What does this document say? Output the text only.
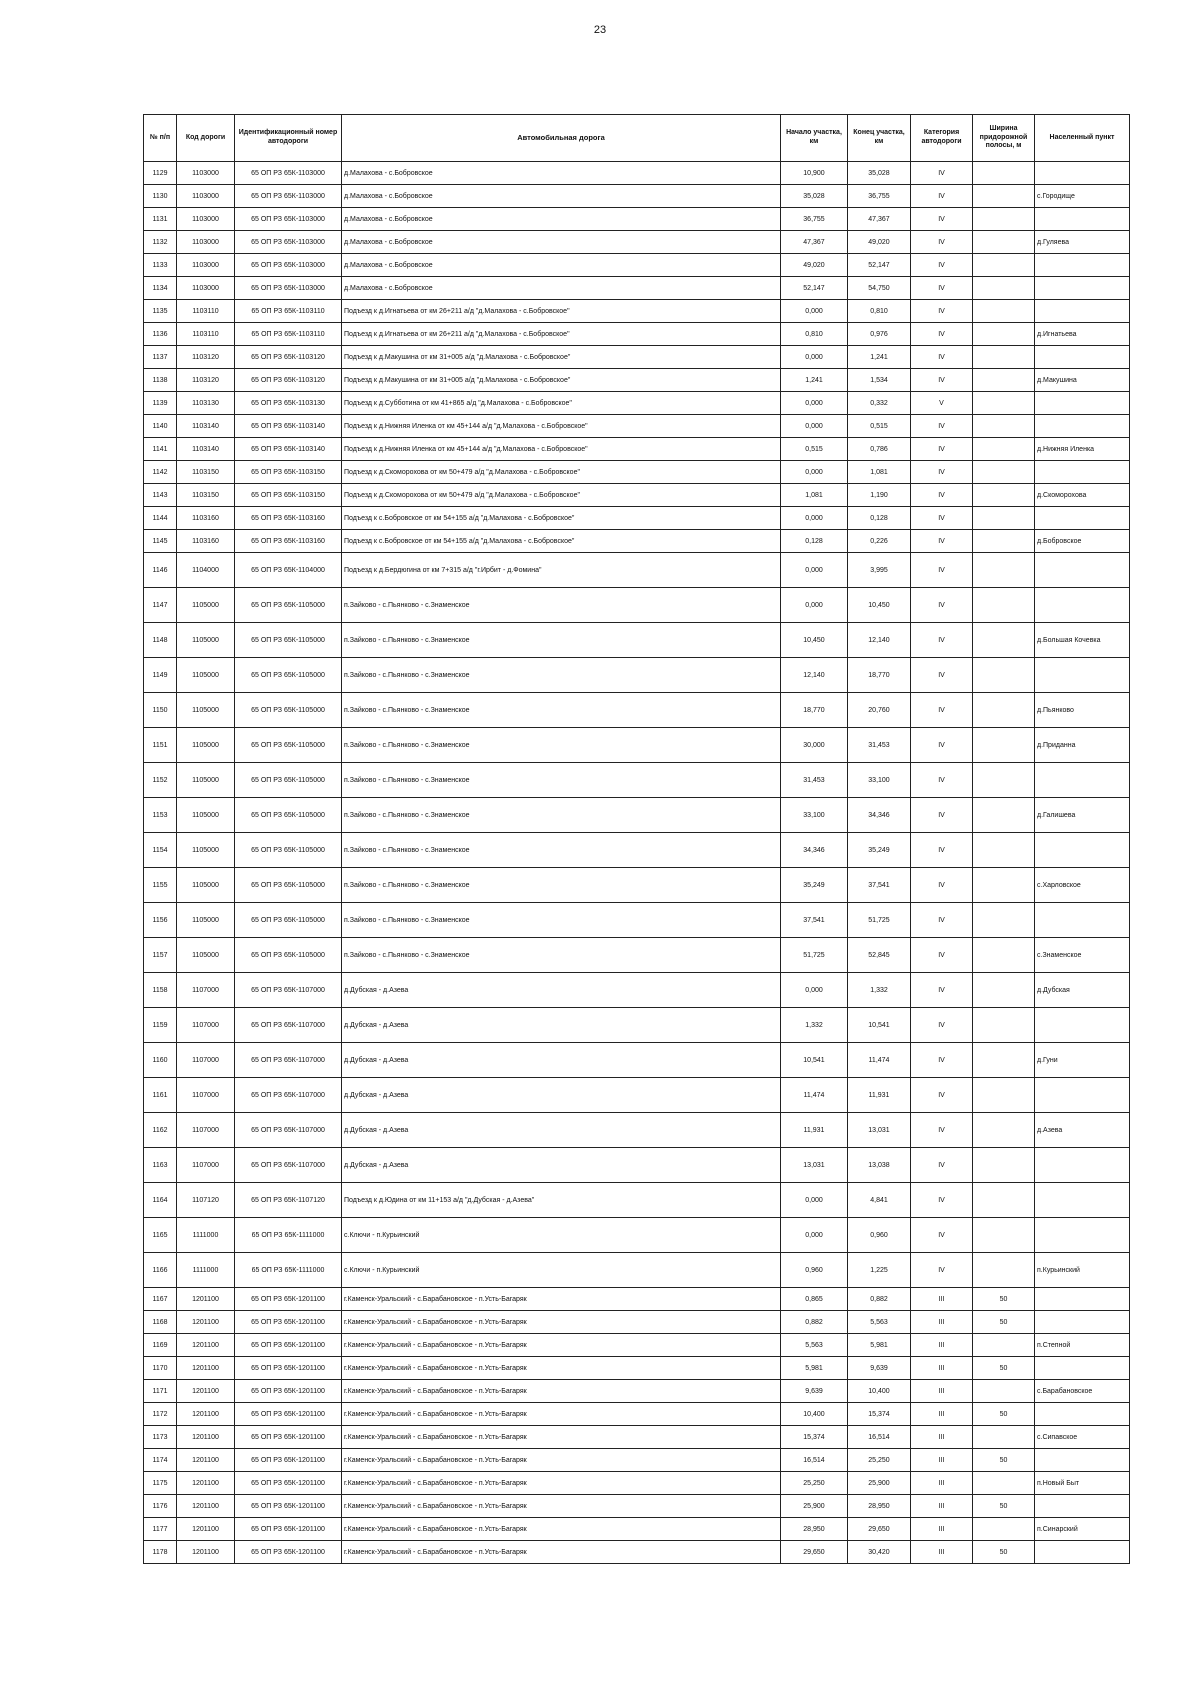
23
№ п/п	Код дороги	Идентификационный номер автодороги	Автомобильная дорога	Начало участка, км	Конец участка, км	Категория автодороги	Ширина придорожной полосы, м	Населенный пункт
1129	1103000	65 ОП РЗ 65К-1103000	д.Малахова - с.Бобровское	10,900	35,028	IV		
1130	1103000	65 ОП РЗ 65К-1103000	д.Малахова - с.Бобровское	35,028	36,755	IV		с.Городище
1131	1103000	65 ОП РЗ 65К-1103000	д.Малахова - с.Бобровское	36,755	47,367	IV		
1132	1103000	65 ОП РЗ 65К-1103000	д.Малахова - с.Бобровское	47,367	49,020	IV		д.Гуляева
1133	1103000	65 ОП РЗ 65К-1103000	д.Малахова - с.Бобровское	49,020	52,147	IV		
1134	1103000	65 ОП РЗ 65К-1103000	д.Малахова - с.Бобровское	52,147	54,750	IV		
1135	1103110	65 ОП РЗ 65К-1103110	Подъезд к д.Игнатьева от км 26+211 а/д "д.Малахова - с.Бобровское"	0,000	0,810	IV		
1136	1103110	65 ОП РЗ 65К-1103110	Подъезд к д.Игнатьева от км 26+211 а/д "д.Малахова - с.Бобровское"	0,810	0,976	IV		д.Игнатьева
1137	1103120	65 ОП РЗ 65К-1103120	Подъезд к д.Макушина от км 31+005 а/д "д.Малахова - с.Бобровское"	0,000	1,241	IV		
1138	1103120	65 ОП РЗ 65К-1103120	Подъезд к д.Макушина от км 31+005 а/д "д.Малахова - с.Бобровское"	1,241	1,534	IV		д.Макушина
1139	1103130	65 ОП РЗ 65К-1103130	Подъезд к д.Субботина от км 41+865 а/д "д.Малахова - с.Бобровское"	0,000	0,332	V		
1140	1103140	65 ОП РЗ 65К-1103140	Подъезд к д.Нижняя Иленка от км 45+144 а/д "д.Малахова - с.Бобровское"	0,000	0,515	IV		
1141	1103140	65 ОП РЗ 65К-1103140	Подъезд к д.Нижняя Иленка от км 45+144 а/д "д.Малахова - с.Бобровское"	0,515	0,786	IV		д.Нижняя Иленка
1142	1103150	65 ОП РЗ 65К-1103150	Подъезд к д.Скоморохова от км 50+479 а/д "д.Малахова - с.Бобровское"	0,000	1,081	IV		
1143	1103150	65 ОП РЗ 65К-1103150	Подъезд к д.Скоморохова от км 50+479 а/д "д.Малахова - с.Бобровское"	1,081	1,190	IV		д.Скоморохова
1144	1103160	65 ОП РЗ 65К-1103160	Подъезд к с.Бобровское от км 54+155 а/д "д.Малахова - с.Бобровское"	0,000	0,128	IV		
1145	1103160	65 ОП РЗ 65К-1103160	Подъезд к с.Бобровское от км 54+155 а/д "д.Малахова - с.Бобровское"	0,128	0,226	IV		д.Бобровское
1146	1104000	65 ОП РЗ 65К-1104000	Подъезд к д.Бердюгина от км 7+315 а/д "г.Ирбит - д.Фомина"	0,000	3,995	IV		
1147	1105000	65 ОП РЗ 65К-1105000	п.Зайково - с.Пьянково - с.Знаменское	0,000	10,450	IV		
1148	1105000	65 ОП РЗ 65К-1105000	п.Зайково - с.Пьянково - с.Знаменское	10,450	12,140	IV		д.Большая Кочевка
1149	1105000	65 ОП РЗ 65К-1105000	п.Зайково - с.Пьянково - с.Знаменское	12,140	18,770	IV		
1150	1105000	65 ОП РЗ 65К-1105000	п.Зайково - с.Пьянково - с.Знаменское	18,770	20,760	IV		д.Пьянково
1151	1105000	65 ОП РЗ 65К-1105000	п.Зайково - с.Пьянково - с.Знаменское	30,000	31,453	IV		д.Приданна
1152	1105000	65 ОП РЗ 65К-1105000	п.Зайково - с.Пьянково - с.Знаменское	31,453	33,100	IV		
1153	1105000	65 ОП РЗ 65К-1105000	п.Зайково - с.Пьянково - с.Знаменское	33,100	34,346	IV		д.Галишева
1154	1105000	65 ОП РЗ 65К-1105000	п.Зайково - с.Пьянково - с.Знаменское	34,346	35,249	IV		
1155	1105000	65 ОП РЗ 65К-1105000	п.Зайково - с.Пьянково - с.Знаменское	35,249	37,541	IV		с.Харловское
1156	1105000	65 ОП РЗ 65К-1105000	п.Зайково - с.Пьянково - с.Знаменское	37,541	51,725	IV		
1157	1105000	65 ОП РЗ 65К-1105000	п.Зайково - с.Пьянково - с.Знаменское	51,725	52,845	IV		с.Знаменское
1158	1107000	65 ОП РЗ 65К-1107000	д.Дубская - д.Азева	0,000	1,332	IV		д.Дубская
1159	1107000	65 ОП РЗ 65К-1107000	д.Дубская - д.Азева	1,332	10,541	IV		
1160	1107000	65 ОП РЗ 65К-1107000	д.Дубская - д.Азева	10,541	11,474	IV		д.Гуни
1161	1107000	65 ОП РЗ 65К-1107000	д.Дубская - д.Азева	11,474	11,931	IV		
1162	1107000	65 ОП РЗ 65К-1107000	д.Дубская - д.Азева	11,931	13,031	IV		д.Азева
1163	1107000	65 ОП РЗ 65К-1107000	д.Дубская - д.Азева	13,031	13,038	IV		
1164	1107120	65 ОП РЗ 65К-1107120	Подъезд к д.Юдина от км 11+153 а/д "д.Дубская - д.Азева"	0,000	4,841	IV		
1165	1111000	65 ОП РЗ 65К-1111000	с.Ключи - п.Курьинский	0,000	0,960	IV		
1166	1111000	65 ОП РЗ 65К-1111000	с.Ключи - п.Курьинский	0,960	1,225	IV		п.Курьинский
1167	1201100	65 ОП РЗ 65К-1201100	г.Каменск-Уральский - с.Барабановское - п.Усть-Багаряк	0,865	0,882	III	50	
1168	1201100	65 ОП РЗ 65К-1201100	г.Каменск-Уральский - с.Барабановское - п.Усть-Багаряк	0,882	5,563	III	50	
1169	1201100	65 ОП РЗ 65К-1201100	г.Каменск-Уральский - с.Барабановское - п.Усть-Багаряк	5,563	5,981	III		п.Степной
1170	1201100	65 ОП РЗ 65К-1201100	г.Каменск-Уральский - с.Барабановское - п.Усть-Багаряк	5,981	9,639	III	50	
1171	1201100	65 ОП РЗ 65К-1201100	г.Каменск-Уральский - с.Барабановское - п.Усть-Багаряк	9,639	10,400	III		с.Барабановское
1172	1201100	65 ОП РЗ 65К-1201100	г.Каменск-Уральский - с.Барабановское - п.Усть-Багаряк	10,400	15,374	III	50	
1173	1201100	65 ОП РЗ 65К-1201100	г.Каменск-Уральский - с.Барабановское - п.Усть-Багаряк	15,374	16,514	III		с.Сипавское
1174	1201100	65 ОП РЗ 65К-1201100	г.Каменск-Уральский - с.Барабановское - п.Усть-Багаряк	16,514	25,250	III	50	
1175	1201100	65 ОП РЗ 65К-1201100	г.Каменск-Уральский - с.Барабановское - п.Усть-Багаряк	25,250	25,900	III		п.Новый Быт
1176	1201100	65 ОП РЗ 65К-1201100	г.Каменск-Уральский - с.Барабановское - п.Усть-Багаряк	25,900	28,950	III	50	
1177	1201100	65 ОП РЗ 65К-1201100	г.Каменск-Уральский - с.Барабановское - п.Усть-Багаряк	28,950	29,650	III		п.Синарский
1178	1201100	65 ОП РЗ 65К-1201100	г.Каменск-Уральский - с.Барабановское - п.Усть-Багаряк	29,650	30,420	III	50	
